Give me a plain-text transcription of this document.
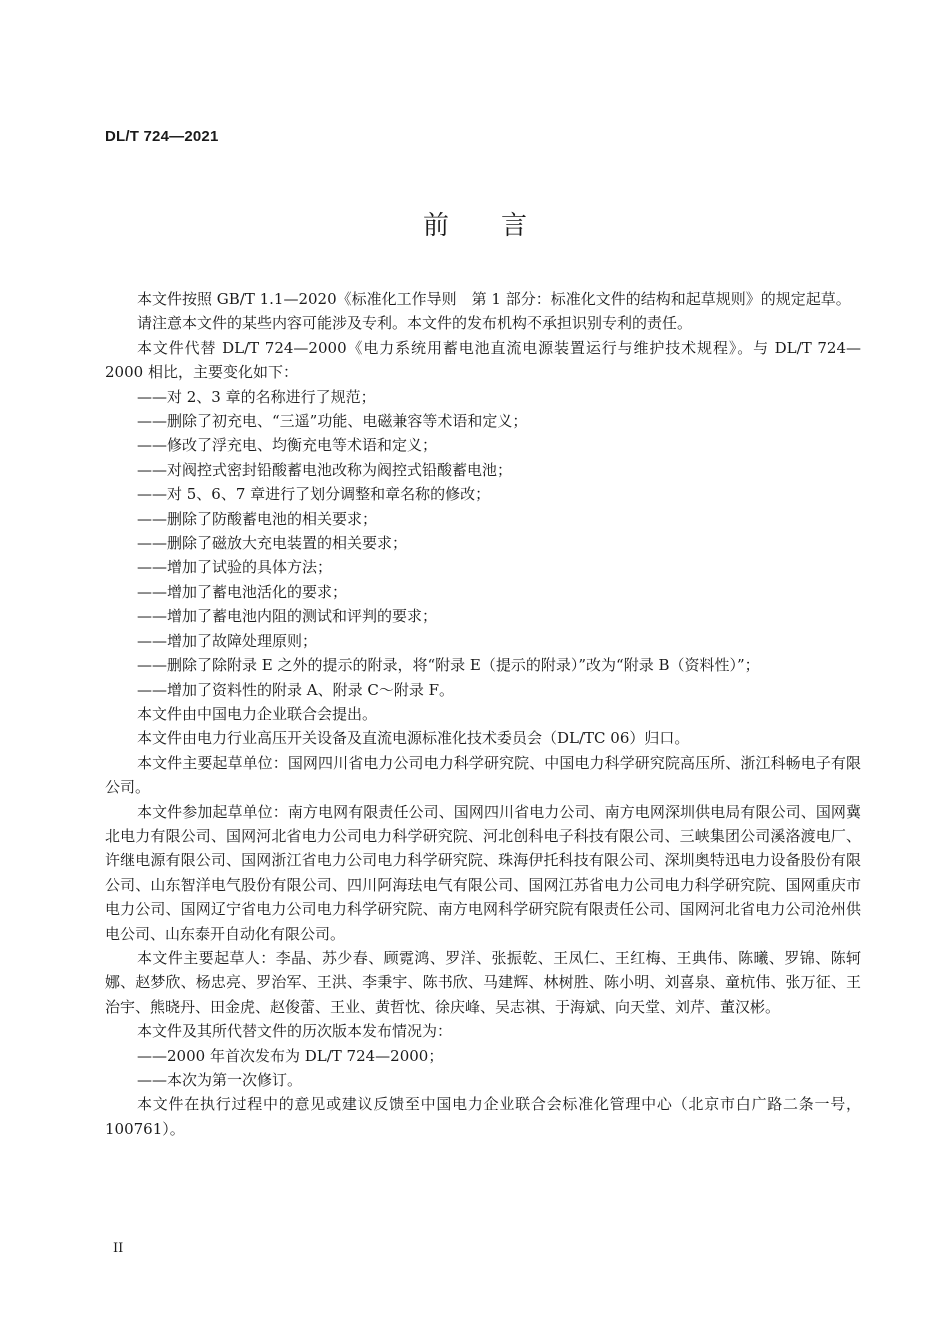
DL/T 724—2021
前言

本文件按照 GB/T 1.1—2020《标准化工作导则　第 1 部分：标准化文件的结构和起草规则》的规定起草。

请注意本文件的某些内容可能涉及专利。本文件的发布机构不承担识别专利的责任。

本文件代替 DL/T 724—2000《电力系统用蓄电池直流电源装置运行与维护技术规程》。与 DL/T 724—2000 相比，主要变化如下：

——对 2、3 章的名称进行了规范；

——删除了初充电、“三遥”功能、电磁兼容等术语和定义；

——修改了浮充电、均衡充电等术语和定义；

——对阀控式密封铅酸蓄电池改称为阀控式铅酸蓄电池；

——对 5、6、7 章进行了划分调整和章名称的修改；

——删除了防酸蓄电池的相关要求；

——删除了磁放大充电装置的相关要求；

——增加了试验的具体方法；

——增加了蓄电池活化的要求；

——增加了蓄电池内阻的测试和评判的要求；

——增加了故障处理原则；

——删除了除附录 E 之外的提示的附录，将“附录 E（提示的附录）”改为“附录 B（资料性）”；

——增加了资料性的附录 A、附录 C～附录 F。

本文件由中国电力企业联合会提出。

本文件由电力行业高压开关设备及直流电源标准化技术委员会（DL/TC 06）归口。

本文件主要起草单位：国网四川省电力公司电力科学研究院、中国电力科学研究院高压所、浙江科畅电子有限公司。

本文件参加起草单位：南方电网有限责任公司、国网四川省电力公司、南方电网深圳供电局有限公司、国网冀北电力有限公司、国网河北省电力公司电力科学研究院、河北创科电子科技有限公司、三峡集团公司溪洛渡电厂、许继电源有限公司、国网浙江省电力公司电力科学研究院、珠海伊托科技有限公司、深圳奥特迅电力设备股份有限公司、山东智洋电气股份有限公司、四川阿海珐电气有限公司、国网江苏省电力公司电力科学研究院、国网重庆市电力公司、国网辽宁省电力公司电力科学研究院、南方电网科学研究院有限责任公司、国网河北省电力公司沧州供电公司、山东泰开自动化有限公司。

本文件主要起草人：李晶、苏少春、顾霓鸿、罗洋、张振乾、王凤仁、王红梅、王典伟、陈曦、罗锦、陈轲娜、赵梦欣、杨忠亮、罗治军、王洪、李秉宇、陈书欣、马建辉、林树胜、陈小明、刘喜泉、童杭伟、张万征、王治宇、熊晓丹、田金虎、赵俊蕾、王业、黄哲忱、徐庆峰、吴志祺、于海斌、向天堂、刘芹、董汉彬。

本文件及其所代替文件的历次版本发布情况为：

——2000 年首次发布为 DL/T 724—2000；

——本次为第一次修订。

本文件在执行过程中的意见或建议反馈至中国电力企业联合会标准化管理中心（北京市白广路二条一号，100761）。

II
